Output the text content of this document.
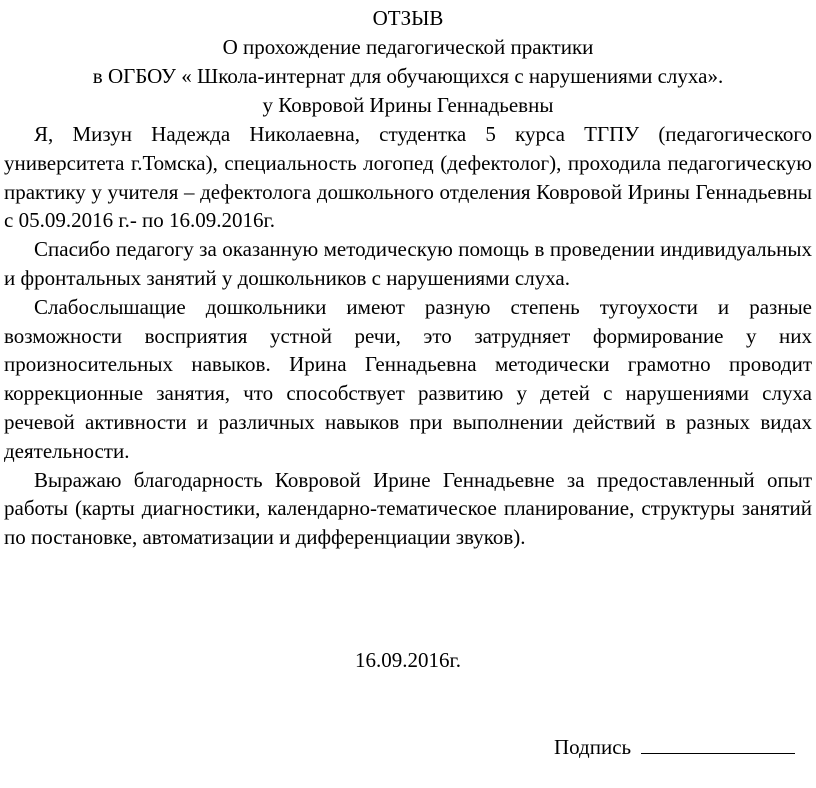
ОТЗЫВ

О прохождение педагогической практики

в ОГБОУ « Школа-интернат для обучающихся с нарушениями слуха».

у Ковровой Ирины Геннадьевны

Я, Мизун Надежда Николаевна, студентка 5 курса ТГПУ (педагогического университета г.Томска), специальность логопед (дефектолог), проходила педагогическую практику у учителя – дефектолога дошкольного отделения Ковровой Ирины Геннадьевны с 05.09.2016 г.- по 16.09.2016г.

Спасибо педагогу за оказанную методическую помощь в проведении индивидуальных и фронтальных занятий у дошкольников с нарушениями слуха.

Слабослышащие дошкольники имеют разную степень тугоухости и разные возможности восприятия устной речи, это затрудняет формирование у них произносительных навыков. Ирина Геннадьевна методически грамотно проводит коррекционные занятия, что способствует развитию у детей с нарушениями слуха речевой активности и различных навыков при выполнении действий в разных видах деятельности.

Выражаю благодарность Ковровой Ирине Геннадьевне за предоставленный опыт работы (карты диагностики, календарно-тематическое планирование, структуры занятий по постановке, автоматизации и дифференциации звуков).

16.09.2016г.
Подпись
